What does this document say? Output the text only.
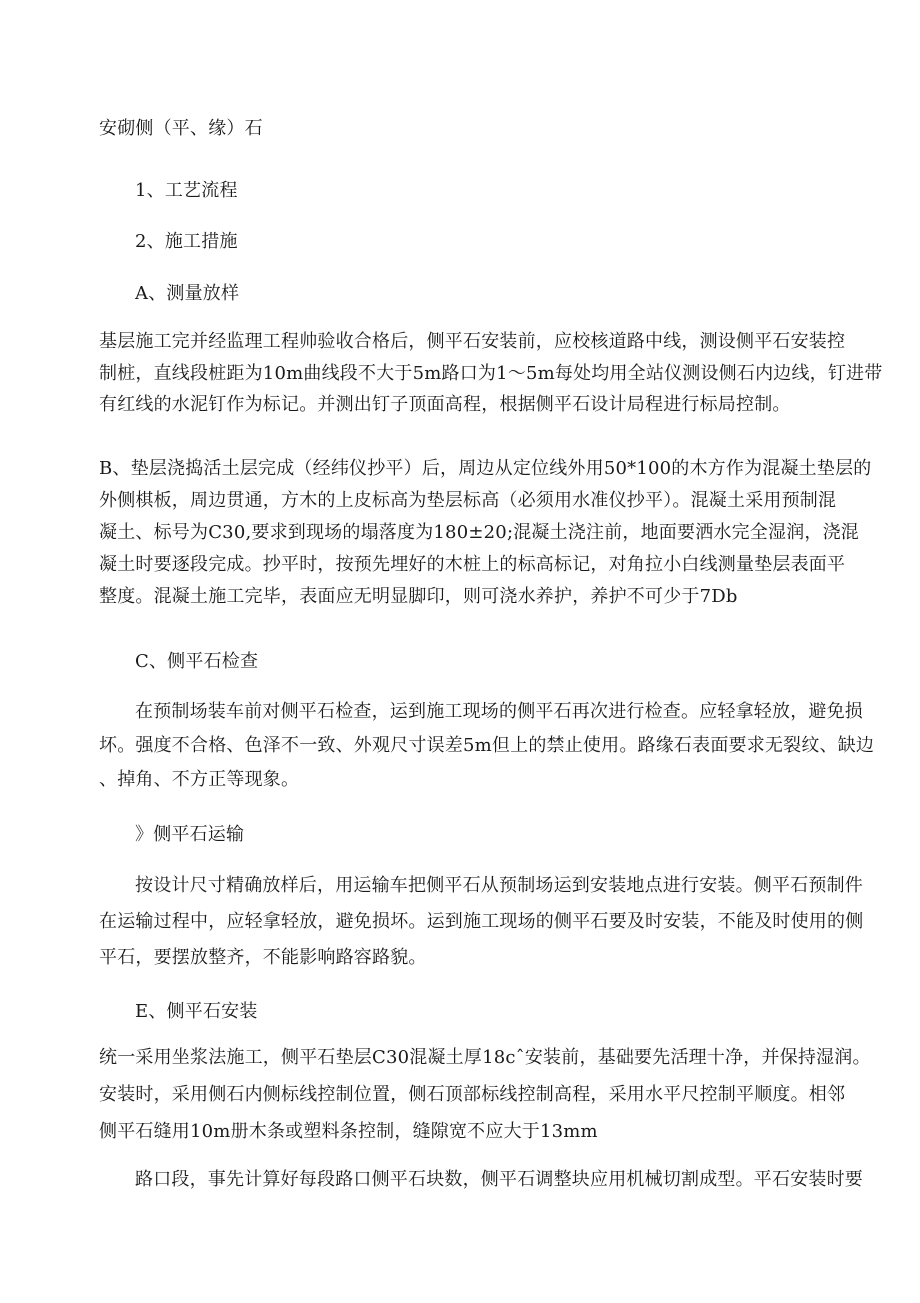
安砌侧（平、缘）石

1、工艺流程

2、施工措施

A、测量放样

基层施工完并经监理工程帅验收合格后，侧平石安装前，应校核道路中线，测设侧平石安装控

制桩，直线段桩距为10m曲线段不大于5m路口为1～5m每处均用全站仪测设侧石内边线，钉进带

有红线的水泥钉作为标记。并测出钉子顶面高程，根据侧平石设计局程进行标局控制。

B、垫层浇捣活土层完成（经纬仪抄平）后，周边从定位线外用50*100的木方作为混凝土垫层的

外侧棋板，周边贯通，方木的上皮标高为垫层标高（必须用水准仪抄平）。混凝土采用预制混

凝土、标号为C30,要求到现场的塌落度为180±20;混凝土浇注前，地面要洒水完全湿润，浇混

凝土时要逐段完成。抄平时，按预先埋好的木桩上的标高标记，对角拉小白线测量垫层表面平

整度。混凝土施工完毕，表面应无明显脚印，则可浇水养护，养护不可少于7Db

C、侧平石检查

在预制场装车前对侧平石检查，运到施工现场的侧平石再次进行检查。应轻拿轻放，避免损

坏。强度不合格、色泽不一致、外观尺寸误差5m但上的禁止使用。路缘石表面要求无裂纹、缺边

、掉角、不方正等现象。

》侧平石运输

按设计尺寸精确放样后，用运输车把侧平石从预制场运到安装地点进行安装。侧平石预制件

在运输过程中，应轻拿轻放，避免损坏。运到施工现场的侧平石要及时安装，不能及时使用的侧

平石，要摆放整齐，不能影响路容路貌。

E、侧平石安装

统一采用坐浆法施工，侧平石垫层C30混凝土厚18cˆ安装前，基础要先活理十净，并保持湿润。

安装时，采用侧石内侧标线控制位置，侧石顶部标线控制高程，采用水平尺控制平顺度。相邻

侧平石缝用10m册木条或塑料条控制，缝隙宽不应大于13mm

路口段，事先计算好每段路口侧平石块数，侧平石调整块应用机械切割成型。平石安装时要
